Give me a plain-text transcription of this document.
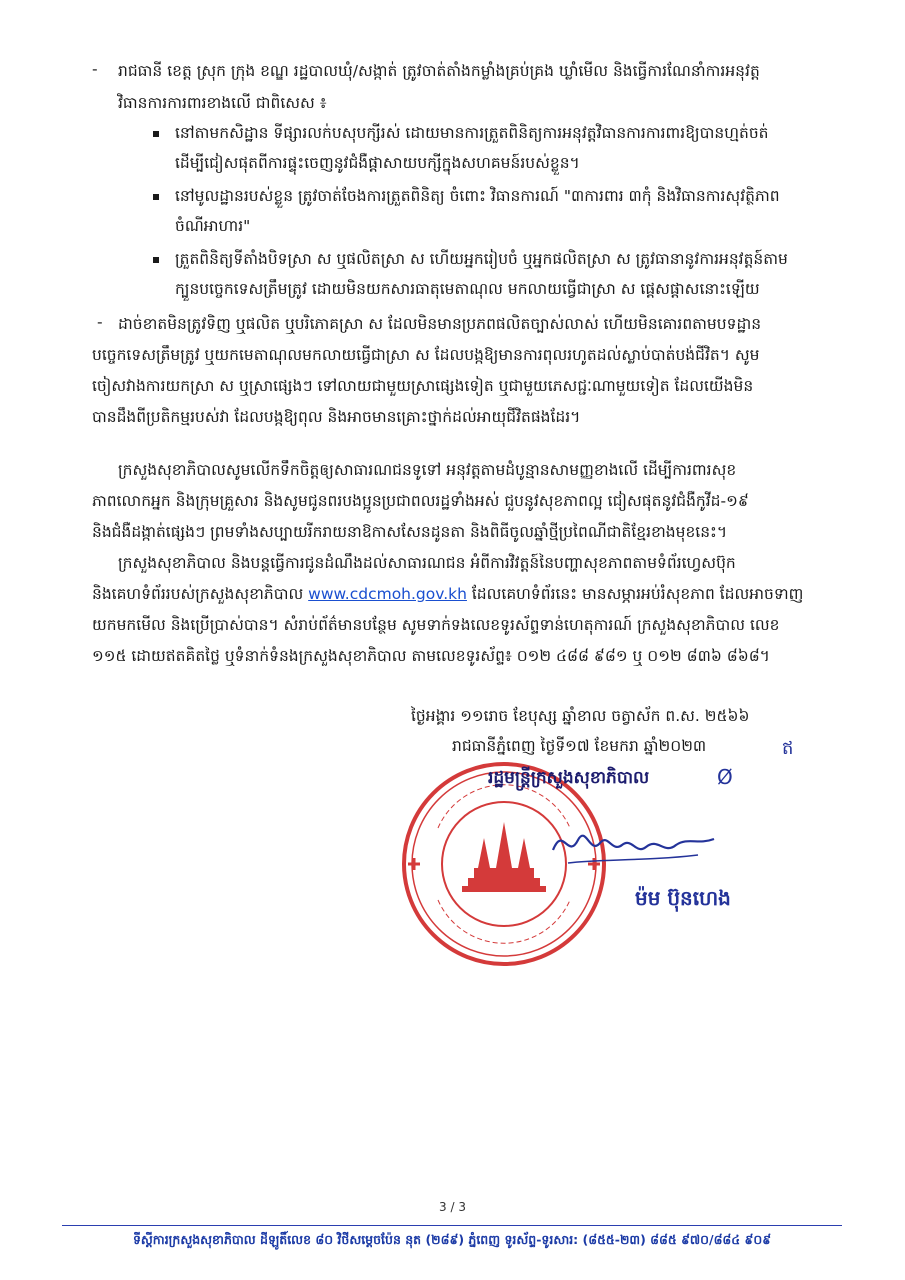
- រាជធានី ខេត្ត ស្រុក ក្រុង ខណ្ឌ រដ្ឋបាលឃុំ/សង្កាត់ ត្រូវចាត់តាំងកម្លាំងគ្រប់គ្រង ឃ្លាំមើល និងធ្វើការណែនាំការអនុវត្ត
វិធានការការពារខាងលើ ជាពិសេស ៖
នៅតាមកសិដ្ឋាន ទីផ្សារលក់បសុបក្សីរស់ ដោយមានការត្រួតពិនិត្យការអនុវត្តវិធានការការពារឱ្យបានហ្មត់ចត់
ដើម្បីជៀសផុតពីការផ្ទុះចេញនូវជំងឺផ្ដាសាយបក្សីក្នុងសហគមន៍របស់ខ្លួន។
នៅមូលដ្ឋានរបស់ខ្លួន ត្រូវចាត់ចែងការត្រួតពិនិត្យ ចំពោះ វិធានការណ៍ "៣ការពារ ៣កុំ និងវិធានការសុវត្ថិភាព
ចំណីអាហារ"
ត្រួតពិនិត្យទីតាំងបិទស្រា ស ឬផលិតស្រា ស ហើយអ្នករៀបចំ ឬអ្នកផលិតស្រា ស ត្រូវធានានូវការអនុវត្តន៍តាម
ក្បួនបច្ចេកទេសត្រឹមត្រូវ ដោយមិនយកសារធាតុមេតាណុល មកលាយធ្វើជាស្រា ស ផ្ដេសផ្ដាសនោះឡើយ
- ដាច់ខាតមិនត្រូវទិញ ឬផលិត ឬបរិភោគស្រា ស ដែលមិនមានប្រភពផលិតច្បាស់លាស់ ហើយមិនគោរពតាមបទដ្ឋាន
បច្ចេកទេសត្រឹមត្រូវ ឬយកមេតាណុលមកលាយធ្វើជាស្រា ស ដែលបង្កឱ្យមានការពុលរហូតដល់ស្លាប់បាត់បង់ជីវិត។ សូម
ចៀសវាងការយកស្រា ស ឬស្រាផ្សេងៗ ទៅលាយជាមួយស្រាផ្សេងទៀត ឬជាមួយភេសជ្ជៈណាមួយទៀត ដែលយើងមិន
បានដឹងពីប្រតិកម្មរបស់វា ដែលបង្កឱ្យពុល និងអាចមានគ្រោះថ្នាក់ដល់អាយុជីវិតផងដែរ។
ក្រសួងសុខាភិបាលសូមលើកទឹកចិត្តឲ្យសាធារណជនទូទៅ អនុវត្តតាមដំបូន្មានសាមញ្ញខាងលើ ដើម្បីការពារសុខ
ភាពលោកអ្នក និងក្រុមគ្រួសារ និងសូមជូនពរបងប្អូនប្រជាពលរដ្ឋទាំងអស់ ជួបនូវសុខភាពល្អ ជៀសផុតនូវជំងឺកូវីដ-១៩
និងជំងឺដង្កាត់ផ្សេងៗ ព្រមទាំងសប្បាយរីករាយនាឱកាសសែនដូនតា និងពិធីចូលឆ្នាំថ្មីប្រពៃណីជាតិខ្មែរខាងមុខនេះ។
ក្រសួងសុខាភិបាល និងបន្តធ្វើការជូនដំណឹងដល់សាធារណជន អំពីការវិវត្តន៍នៃបញ្ហាសុខភាពតាមទំព័រហ្វេសប៊ុក
និងគេហទំព័ររបស់ក្រសួងសុខាភិបាល www.cdcmoh.gov.kh ដែលគេហទំព័រនេះ មានសម្ភារអប់រំសុខភាព ដែលអាចទាញ
យកមកមើល និងប្រើប្រាស់បាន។ សំរាប់ព័ត៌មានបន្ថែម សូមទាក់ទងលេខទូរស័ព្ទទាន់ហេតុការណ៍ ក្រសួងសុខាភិបាល លេខ
១១៥ ដោយឥតគិតថ្លៃ ឬទំនាក់ទំនងក្រសួងសុខាភិបាល តាមលេខទូរស័ព្ទ៖ ០១២ ៤៨៨ ៩៨១ ឬ ០១២ ៨៣៦ ៨៦៨។
ថ្ងៃអង្គារ ១១រោច ខែបុស្ស ឆ្នាំខាល ចត្វាស័ក ព.ស. ២៥៦៦
រាជធានីភ្នំពេញ ថ្ងៃទី១៧ ខែមករា ឆ្នាំ២០២៣	ឥ
រដ្ឋមន្ត្រីក្រសួងសុខាភិបាល	Ø
ម៉ម ប៊ុនហេង
3 / 3
ទីស្ដីការក្រសួងសុខាភិបាល ដីឡូតិ៍លេខ ៨០ វិថីសម្ដេចប៉ែន នុត (២៨៩) ភ្នំពេញ ទូរស័ព្ទ-ទូរសារ: (៨៥៥-២៣) ៨៨៥ ៩៧០/៨៨៤ ៩០៩
